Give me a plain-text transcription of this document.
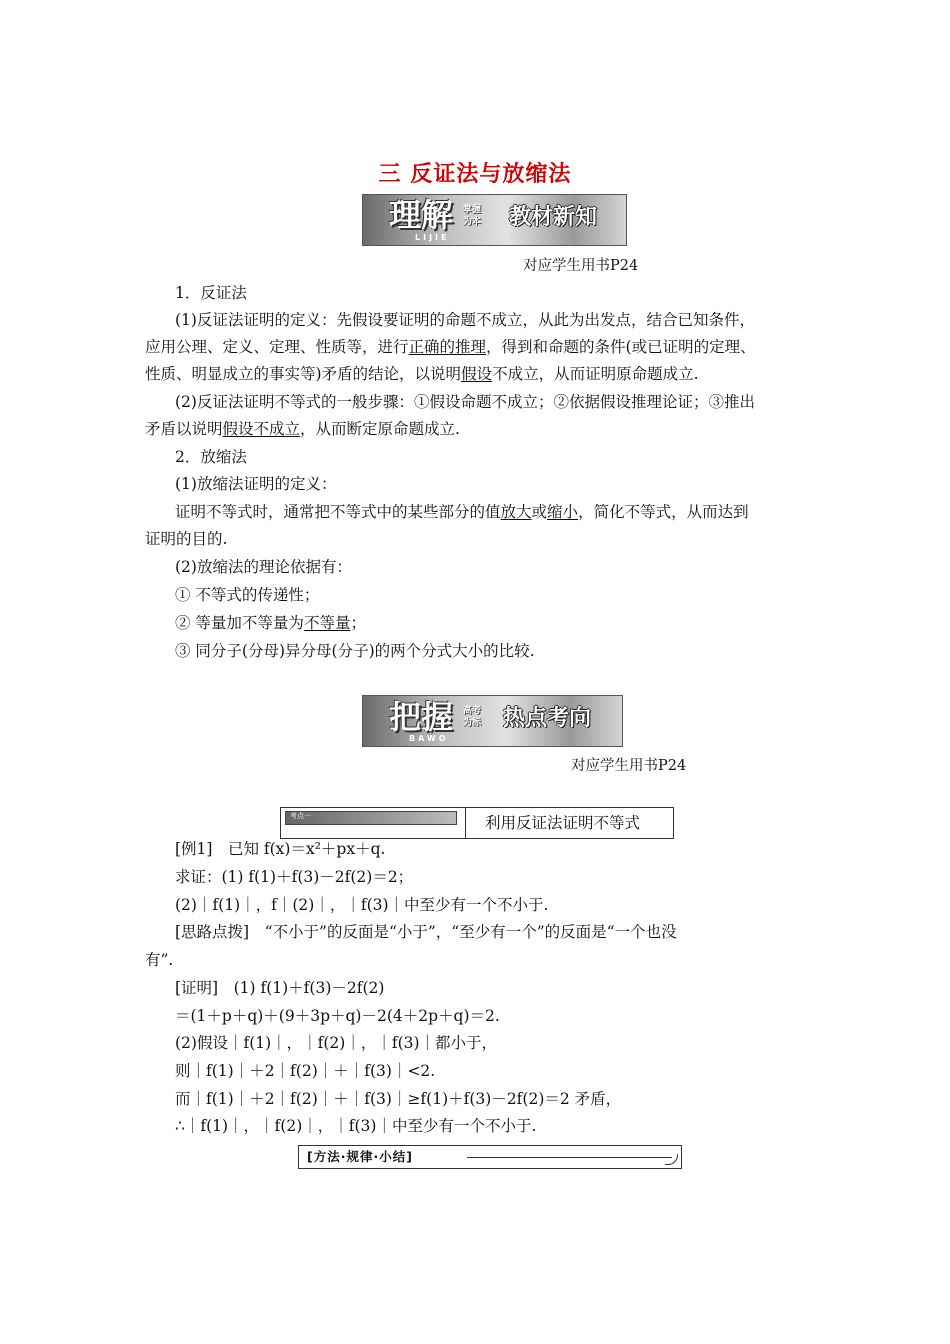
三 反证法与放缩法
理解
LIJIE
掌握
为本 教材新知
对应学生用书P24
1．反证法
(1)反证法证明的定义：先假设要证明的命题不成立，从此为出发点，结合已知条件，
应用公理、定义、定理、性质等，进行正确的推理，得到和命题的条件(或已证明的定理、
性质、明显成立的事实等)矛盾的结论，以说明假设不成立，从而证明原命题成立.
(2)反证法证明不等式的一般步骤：①假设命题不成立；②依据假设推理论证；③推出
矛盾以说明假设不成立，从而断定原命题成立.
2．放缩法
(1)放缩法证明的定义：
证明不等式时，通常把不等式中的某些部分的值放大或缩小，简化不等式，从而达到
证明的目的.
(2)放缩法的理论依据有：
① 不等式的传递性；
② 等量加不等量为不等量；
③ 同分子(分母)异分母(分子)的两个分式大小的比较.
把握
BAWO
高考
为标 热点考向
对应学生用书P24
考点一	利用反证法证明不等式
[例1]　已知 f(x)＝x²＋px＋q.
求证：(1) f(1)＋f(3)－2f(2)＝2；
(2)｜f(1)｜，f｜(2)｜，｜f(3)｜中至少有一个不小于.
[思路点拨]　“不小于”的反面是“小于”，“至少有一个”的反面是“一个也没
有”.
[证明]　(1) f(1)＋f(3)－2f(2)
＝(1＋p＋q)＋(9＋3p＋q)－2(4＋2p＋q)＝2.
(2)假设｜f(1)｜，｜f(2)｜，｜f(3)｜都小于，
则｜f(1)｜＋2｜f(2)｜＋｜f(3)｜<2.
而｜f(1)｜＋2｜f(2)｜＋｜f(3)｜≥f(1)＋f(3)－2f(2)＝2 矛盾，
∴｜f(1)｜，｜f(2)｜，｜f(3)｜中至少有一个不小于.
[方法·规律·小结]
